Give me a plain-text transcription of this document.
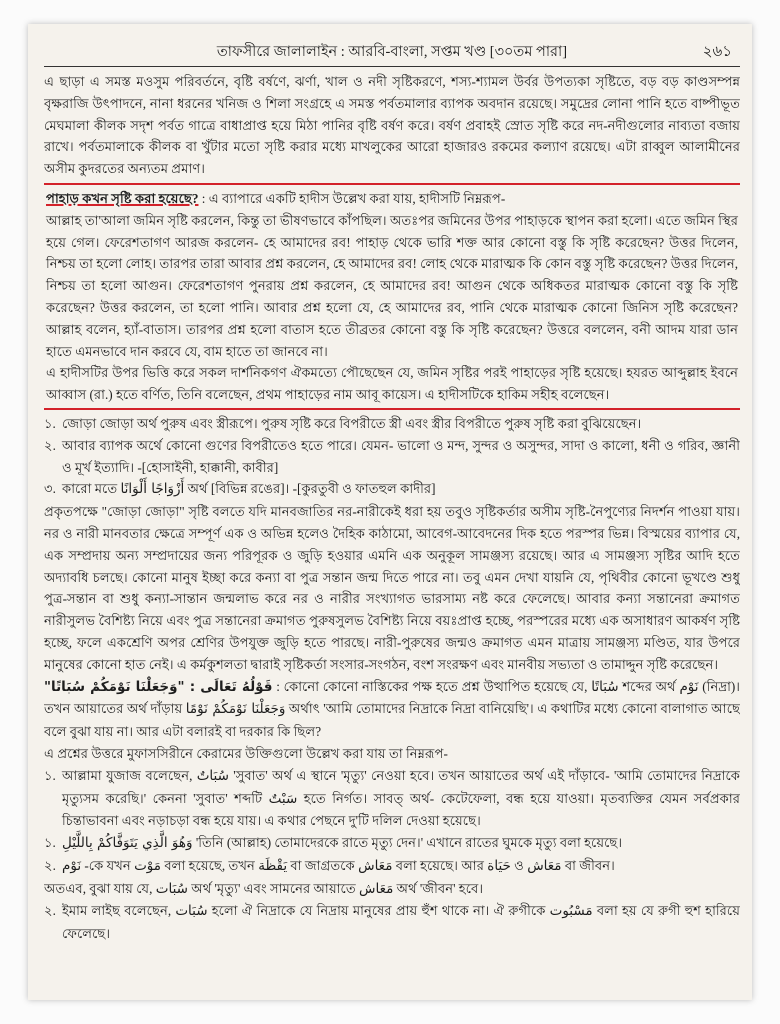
তাফসীরে জালালাইন : আরবি-বাংলা, সপ্তম খণ্ড [৩০তম পারা]	২৬১

এ ছাড়া এ সমস্ত মওসুম পরিবর্তনে, বৃষ্টি বর্ষণে, ঝর্ণা, খাল ও নদী সৃষ্টিকরণে, শস্য-শ্যামল উর্বর উপত্যকা সৃষ্টিতে, বড় বড় কাণ্ডসম্পন্ন বৃক্ষরাজি উৎপাদনে, নানা ধরনের খনিজ ও শিলা সংগ্রহে এ সমস্ত পর্বতমালার ব্যাপক অবদান রয়েছে। সমুদ্রের লোনা পানি হতে বাষ্পীভূত মেঘমালা কীলক সদৃশ পর্বত গাত্রে বাধাপ্রাপ্ত হয়ে মিঠা পানির বৃষ্টি বর্ষণ করে। বর্ষণ প্রবাহই স্রোত সৃষ্টি করে নদ-নদীগুলোর নাব্যতা বজায় রাখে। পর্বতমালাকে কীলক বা খুঁটার মতো সৃষ্টি করার মধ্যে মাখলুকের আরো হাজারও রকমের কল্যাণ রয়েছে। এটা রাব্বুল আলামীনের অসীম কুদরতের অন্যতম প্রমাণ।

পাহাড় কখন সৃষ্টি করা হয়েছে? : এ ব্যাপারে একটি হাদীস উল্লেখ করা যায়, হাদীসটি নিম্নরূপ-

আল্লাহ তা'আলা জমিন সৃষ্টি করলেন, কিন্তু তা ভীষণভাবে কাঁপছিল। অতঃপর জমিনের উপর পাহাড়কে স্থাপন করা হলো। এতে জমিন স্থির হয়ে গেল। ফেরেশতাগণ আরজ করলেন- হে আমাদের রব! পাহাড় থেকে ভারি শক্ত আর কোনো বস্তু কি সৃষ্টি করেছেন? উত্তর দিলেন, নিশ্চয় তা হলো লোহ। তারপর তারা আবার প্রশ্ন করলেন, হে আমাদের রব! লোহ থেকে মারাত্মক কি কোন বস্তু সৃষ্টি করেছেন? উত্তর দিলেন, নিশ্চয় তা হলো আগুন। ফেরেশতাগণ পুনরায় প্রশ্ন করলেন, হে আমাদের রব! আগুন থেকে অধিকতর মারাত্মক কোনো বস্তু কি সৃষ্টি করেছেন? উত্তর করলেন, তা হলো পানি। আবার প্রশ্ন হলো যে, হে আমাদের রব, পানি থেকে মারাত্মক কোনো জিনিস সৃষ্টি করেছেন? আল্লাহ বলেন, হ্যাঁ-বাতাস। তারপর প্রশ্ন হলো বাতাস হতে তীব্রতর কোনো বস্তু কি সৃষ্টি করেছেন? উত্তরে বললেন, বনী আদম যারা ডান হাতে এমনভাবে দান করবে যে, বাম হাতে তা জানবে না।

এ হাদীসটির উপর ভিত্তি করে সকল দার্শনিকগণ ঐকমত্যে পৌছেছেন যে, জমিন সৃষ্টির পরই পাহাড়ের সৃষ্টি হয়েছে। হযরত আব্দুল্লাহ ইবনে আব্বাস (রা.) হতে বর্ণিত, তিনি বলেছেন, প্রথম পাহাড়ের নাম আবূ কায়েস। এ হাদীসটিকে হাকিম সহীহ বলেছেন।

১. জোড়া জোড়া অর্থ পুরুষ এবং স্ত্রীরূপে। পুরুষ সৃষ্টি করে বিপরীতে স্ত্রী এবং স্ত্রীর বিপরীতে পুরুষ সৃষ্টি করা বুঝিয়েছেন।
২. আবার ব্যাপক অর্থে কোনো গুণের বিপরীতেও হতে পারে। যেমন- ভালো ও মন্দ, সুন্দর ও অসুন্দর, সাদা ও কালো, ধনী ও গরিব, জ্ঞানী ও মূর্খ ইত্যাদি। -[হোসাইনী, হাক্কানী, কাবীর]
৩. কারো মতে أَزْوَاجًا أَلْوَانًا অর্থ [বিভিন্ন রঙের]। -[কুরতুবী ও ফাতহুল কাদীর]

প্রকৃতপক্ষে "জোড়া জোড়া" সৃষ্টি বলতে যদি মানবজাতির নর-নারীকেই ধরা হয় তবুও সৃষ্টিকর্তার অসীম সৃষ্টি-নৈপুণ্যের নিদর্শন পাওয়া যায়। নর ও নারী মানবতার ক্ষেত্রে সম্পূর্ণ এক ও অভিন্ন হলেও দৈহিক কাঠামো, আবেগ-আবেদনের দিক হতে পরস্পর ভিন্ন। বিস্ময়ের ব্যাপার যে, এক সম্প্রদায় অন্য সম্প্রদায়ের জন্য পরিপূরক ও জুড়ি হওয়ার এমনি এক অনুকূল সামঞ্জস্য রয়েছে। আর এ সামঞ্জস্য সৃষ্টির আদি হতে অদ্যাবধি চলছে। কোনো মানুষ ইচ্ছা করে কন্যা বা পুত্র সন্তান জন্ম দিতে পারে না। তবু এমন দেখা যায়নি যে, পৃথিবীর কোনো ভূখণ্ডে শুধু পুত্র-সন্তান বা শুধু কন্যা-সান্তান জন্মলাভ করে নর ও নারীর সংখ্যাগত ভারসাম্য নষ্ট করে ফেলেছে। আবার কন্যা সন্তানেরা ক্রমাগত নারীসুলভ বৈশিষ্ট্য নিয়ে এবং পুত্র সন্তানেরা ক্রমাগত পুরুষসুলভ বৈশিষ্ট্য নিয়ে বয়ঃপ্রাপ্ত হচ্ছে, পরস্পরের মধ্যে এক অসাধারণ আকর্ষণ সৃষ্টি হচ্ছে, ফলে একশ্রেণি অপর শ্রেণির উপযুক্ত জুড়ি হতে পারছে। নারী-পুরুষের জন্মও ক্রমাগত এমন মাত্রায় সামঞ্জস্য মণ্ডিত, যার উপরে মানুষের কোনো হাত নেই। এ কর্মকুশলতা দ্বারাই সৃষ্টিকর্তা সংসার-সংগঠন, বংশ সংরক্ষণ এবং মানবীয় সভ্যতা ও তামাদ্দুন সৃষ্টি করেছেন।

قَوْلُهُ تَعَالَى : "وَجَعَلْنَا نَوْمَكُمْ سُبَاتًا" : কোনো কোনো নাস্তিকের পক্ষ হতে প্রশ্ন উত্থাপিত হয়েছে যে, سُبَاتًا শব্দের অর্থ نَوْم (নিদ্রা)। তখন আয়াতের অর্থ দাঁড়ায় وَجَعَلْنَا نَوْمَكُمْ نَوْمًا অর্থাৎ 'আমি তোমাদের নিদ্রাকে নিদ্রা বানিয়েছি'। এ কথাটির মধ্যে কোনো বালাগাত আছে বলে বুঝা যায় না। আর এটা বলারই বা দরকার কি ছিল?

এ প্রশ্নের উত্তরে মুফাসসিরীনে কেরামের উক্তিগুলো উল্লেখ করা যায় তা নিম্নরূপ-

১. আল্লামা যুজাজ বলেছেন, سُبَاتٌ 'সুবাত' অর্থ এ স্থানে 'মৃত্যু' নেওয়া হবে। তখন আয়াতের অর্থ এই দাঁড়াবে- 'আমি তোমাদের নিদ্রাকে মৃত্যুসম করেছি।' কেননা 'সুবাত' শব্দটি سَبْتٌ হতে নির্গত। সাবত্ অর্থ- কেটেফেলা, বন্ধ হয়ে যাওয়া। মৃতব্যক্তির যেমন সর্বপ্রকার চিন্তাভাবনা এবং নড়াচড়া বন্ধ হয়ে যায়। এ কথার পেছনে দু'টি দলিল দেওয়া হয়েছে।
১. وَهُوَ الَّذِي يَتَوَفَّاكُمْ بِاللَّيْلِ 'তিনি (আল্লাহ) তোমাদেরকে রাতে মৃত্যু দেন।' এখানে রাতের ঘুমকে মৃত্যু বলা হয়েছে।
২. نَوْم -কে যখন مَوْت বলা হয়েছে, তখন يَقْظَة বা জাগ্রতকে مَعَاش বলা হয়েছে। আর حَيَاة ও مَعَاش বা জীবন।

অতএব, বুঝা যায় যে, سُبَات অর্থ 'মৃত্যু' এবং সামনের আয়াতে مَعَاش অর্থ 'জীবন' হবে।

২. ইমাম লাইছ বলেছেন, سُبَات হলো ঐ নিদ্রাকে যে নিদ্রায় মানুষের প্রায় হুঁশ থাকে না। ঐ রুগীকে مَسْبُوت বলা হয় যে রুগী হুশ হারিয়ে ফেলেছে।
